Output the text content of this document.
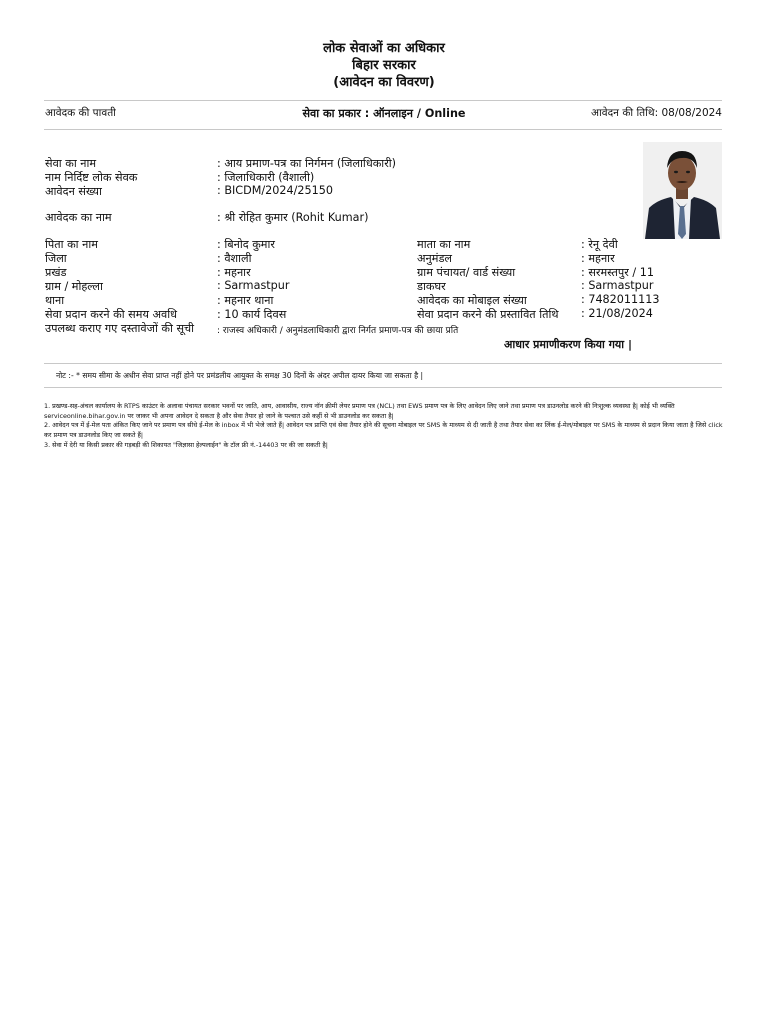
लोक सेवाओं का अधिकार
बिहार सरकार
(आवेदन का विवरण)
आवेदक की पावती	सेवा का प्रकार : ऑनलाइन / Online	आवेदन की तिथि: 08/08/2024
सेवा का नाम	: आय प्रमाण-पत्र का निर्गमन (जिलाधिकारी)
नाम निर्दिष्ट लोक सेवक	: जिलाधिकारी (वैशाली)
आवेदन संख्या	: BICDM/2024/25150
आवेदक का नाम	: श्री रोहित कुमार (Rohit Kumar)
पिता का नाम	: बिनोद कुमार	माता का नाम	: रेनू देवी
जिला	: वैशाली	अनुमंडल	: महनार
प्रखंड	: महनार	ग्राम पंचायत/ वार्ड संख्या	: सरमस्तपुर / 11
ग्राम / मोहल्ला	: Sarmastpur	डाकघर	: Sarmastpur
थाना	: महनार थाना	आवेदक का मोबाइल संख्या	: 7482011113
सेवा प्रदान करने की समय अवधि	: 10 कार्य दिवस	सेवा प्रदान करने की प्रस्तावित तिथि : 21/08/2024
उपलब्ध कराए गए दस्तावेजों की सूची	: राजस्व अधिकारी / अनुमंडलाधिकारी द्वारा निर्गत प्रमाण-पत्र की छाया प्रति
आधार प्रमाणीकरण किया गया |
नोट :- * समय सीमा के अधीन सेवा प्राप्त नहीं होने पर प्रमंडलीय आयुक्त के समक्ष 30 दिनों के अंदर अपील दायर किया जा सकता है |
1. प्रखण्ड-सह-अंचल कार्यालय के RTPS काउंटर के अलावा पंचायत सरकार भवनों पर जाति, आय, आवासीय, राज्य नॉन क्रीमी लेयर प्रमाण पत्र (NCL) तथा EWS प्रमाण पत्र के लिए आवेदन लिए जाने तथा प्रमाण पत्र डाउनलोड करने की निःशुल्क व्यवस्था है| कोई भी व्यक्ति serviceonline.bihar.gov.in पर जाकर भी अपना आवेदन दे सकता है और सेवा तैयार हो जाने के पश्चात उसे कहीं से भी डाउनलोड कर सकता है|
2. आवेदन पत्र में ई-मेल पता अंकित किए जाने पर प्रमाण पत्र सीधे ई-मेल के inbox में भी भेजे जाते हैं| आवेदन पत्र प्राप्ति एवं सेवा तैयार होने की सूचना मोबाइल पर SMS के माध्यम से दी जाती है तथा तैयार सेवा का लिंक ई-मेल/मोबाइल पर SMS के माध्यम से प्रदान किया जाता है जिसे click कर प्रमाण पत्र डाउनलोड किए जा सकते हैं|
3. सेवा में देरी या किसी प्रकार की गड़बड़ी की शिकायत "जिज्ञासा हेल्पलाईन" के टॉल फ्री नं.-14403 पर की जा सकती है|
